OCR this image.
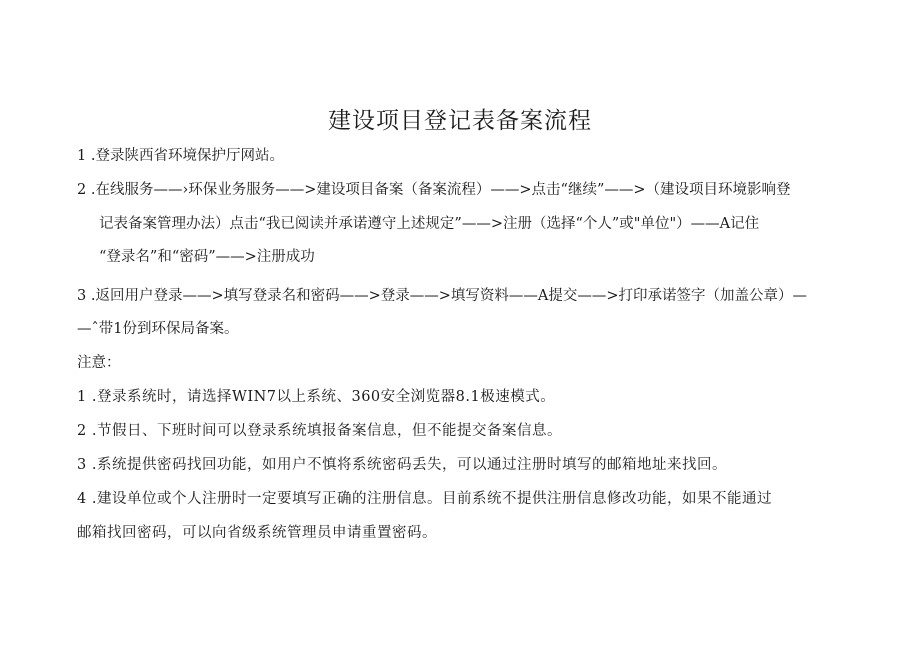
建设项目登记表备案流程
1 .登录陕西省环境保护厅网站。
2 .在线服务——›环保业务服务——>建设项目备案（备案流程）——>点击“继续”——>（建设项目环境影响登
记表备案管理办法）点击“我已阅读并承诺遵守上述规定”——>注册（选择“个人”或"单位"）——A记住
“登录名”和“密码”——>注册成功
3 .返回用户登录——>填写登录名和密码——>登录——>填写资料——A提交——>打印承诺签字（加盖公章）—
—ˆ带1份到环保局备案。
注意：
1 .登录系统时，请选择WIN7以上系统、360安全浏览器8.1极速模式。
2 .节假日、下班时间可以登录系统填报备案信息，但不能提交备案信息。
3 .系统提供密码找回功能，如用户不慎将系统密码丢失，可以通过注册时填写的邮箱地址来找回。
4 .建设单位或个人注册时一定要填写正确的注册信息。目前系统不提供注册信息修改功能，如果不能通过
邮箱找回密码，可以向省级系统管理员申请重置密码。
